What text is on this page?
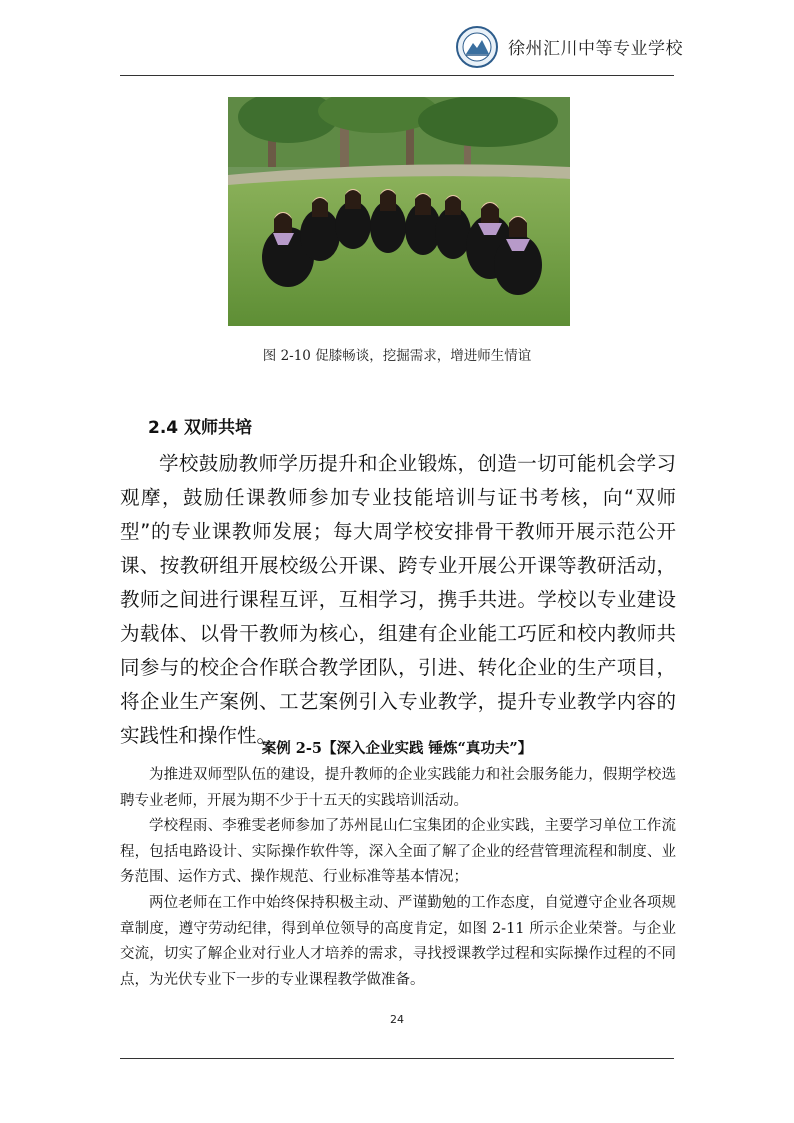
徐州汇川中等专业学校
图 2-10 促膝畅谈，挖掘需求，增进师生情谊
2.4 双师共培

学校鼓励教师学历提升和企业锻炼，创造一切可能机会学习观摩，鼓励任课教师参加专业技能培训与证书考核，向“双师型”的专业课教师发展；每大周学校安排骨干教师开展示范公开课、按教研组开展校级公开课、跨专业开展公开课等教研活动，教师之间进行课程互评，互相学习，携手共进。学校以专业建设为载体、以骨干教师为核心，组建有企业能工巧匠和校内教师共同参与的校企合作联合教学团队，引进、转化企业的生产项目，将企业生产案例、工艺案例引入专业教学，提升专业教学内容的实践性和操作性。

案例 2-5【深入企业实践 锤炼“真功夫”】

为推进双师型队伍的建设，提升教师的企业实践能力和社会服务能力，假期学校选聘专业老师，开展为期不少于十五天的实践培训活动。

学校程雨、李雅雯老师参加了苏州昆山仁宝集团的企业实践，主要学习单位工作流程，包括电路设计、实际操作软件等，深入全面了解了企业的经营管理流程和制度、业务范围、运作方式、操作规范、行业标准等基本情况；

两位老师在工作中始终保持积极主动、严谨勤勉的工作态度，自觉遵守企业各项规章制度，遵守劳动纪律，得到单位领导的高度肯定，如图 2-11 所示企业荣誉。与企业交流，切实了解企业对行业人才培养的需求，寻找授课教学过程和实际操作过程的不同点，为光伏专业下一步的专业课程教学做准备。

24
